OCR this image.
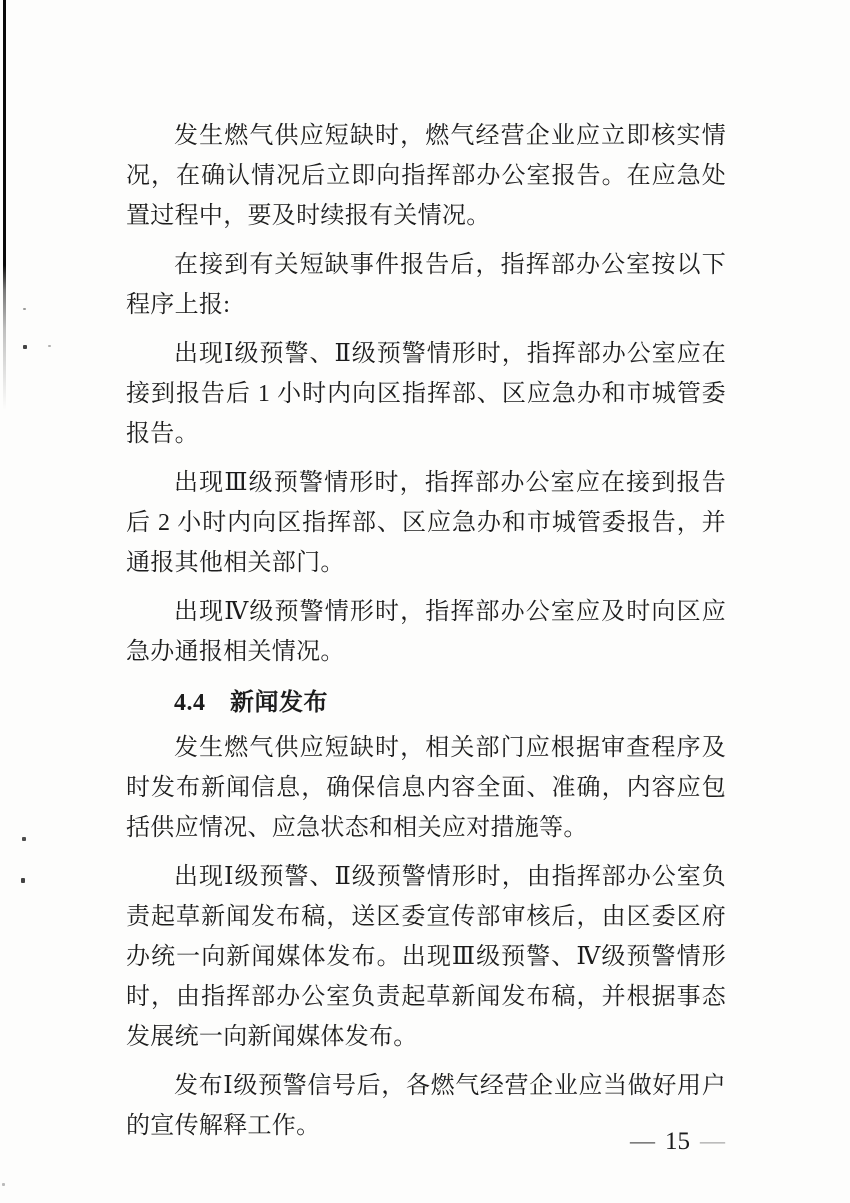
发生燃气供应短缺时，燃气经营企业应立即核实情况，在确认情况后立即向指挥部办公室报告。在应急处置过程中，要及时续报有关情况。

在接到有关短缺事件报告后，指挥部办公室按以下程序上报:

出现Ⅰ级预警、Ⅱ级预警情形时，指挥部办公室应在接到报告后 1 小时内向区指挥部、区应急办和市城管委报告。

出现Ⅲ级预警情形时，指挥部办公室应在接到报告后 2 小时内向区指挥部、区应急办和市城管委报告，并通报其他相关部门。

出现Ⅳ级预警情形时，指挥部办公室应及时向区应急办通报相关情况。

4.4　新闻发布

发生燃气供应短缺时，相关部门应根据审查程序及时发布新闻信息，确保信息内容全面、准确，内容应包括供应情况、应急状态和相关应对措施等。

出现Ⅰ级预警、Ⅱ级预警情形时，由指挥部办公室负责起草新闻发布稿，送区委宣传部审核后，由区委区府办统一向新闻媒体发布。出现Ⅲ级预警、Ⅳ级预警情形时，由指挥部办公室负责起草新闻发布稿，并根据事态发展统一向新闻媒体发布。

发布Ⅰ级预警信号后，各燃气经营企业应当做好用户的宣传解释工作。

— 15 —
